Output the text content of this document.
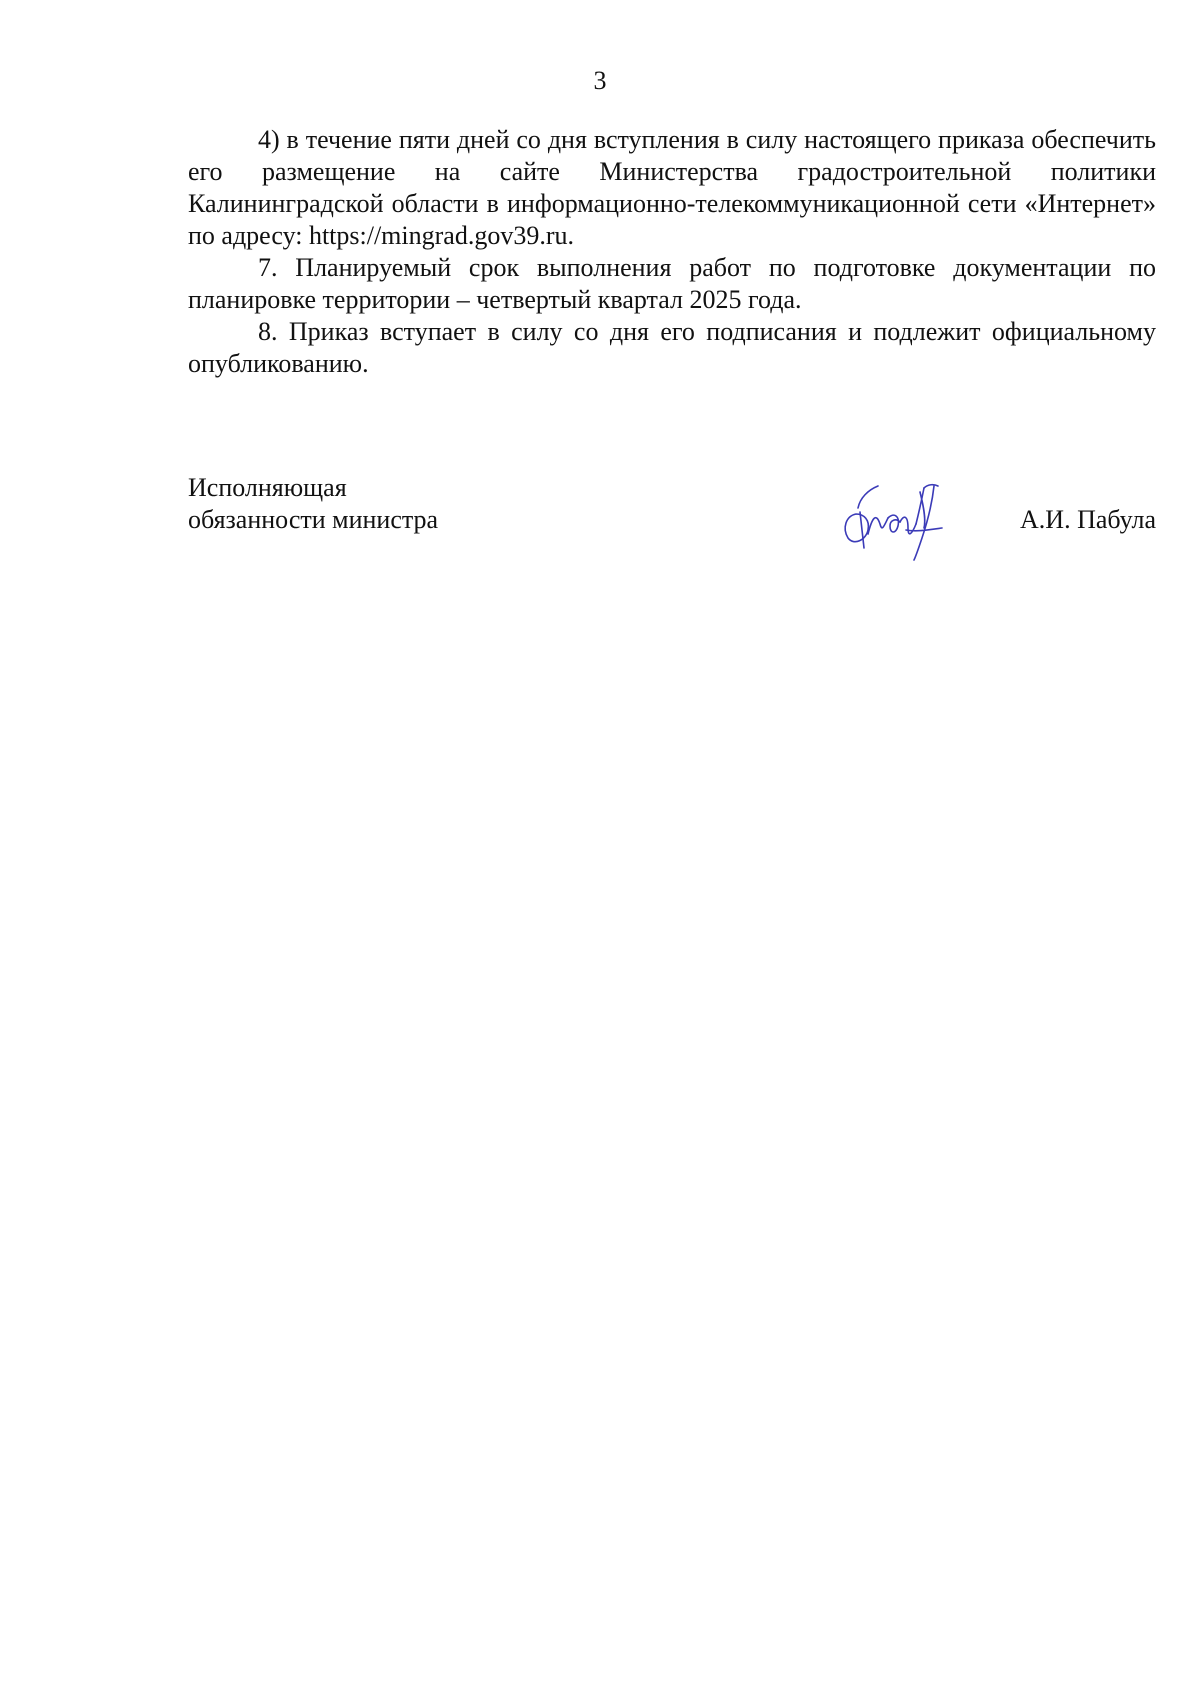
3

4) в течение пяти дней со дня вступления в силу настоящего приказа обеспечить его размещение на сайте Министерства градостроительной политики Калининградской области в информационно-телекоммуникационной сети «Интернет» по адресу: https://mingrad.gov39.ru.

7. Планируемый срок выполнения работ по подготовке документации по планировке территории – четвертый квартал 2025 года.

8. Приказ вступает в силу со дня его подписания и подлежит официальному опубликованию.

Исполняющая
обязанности министра	А.И. Пабула
